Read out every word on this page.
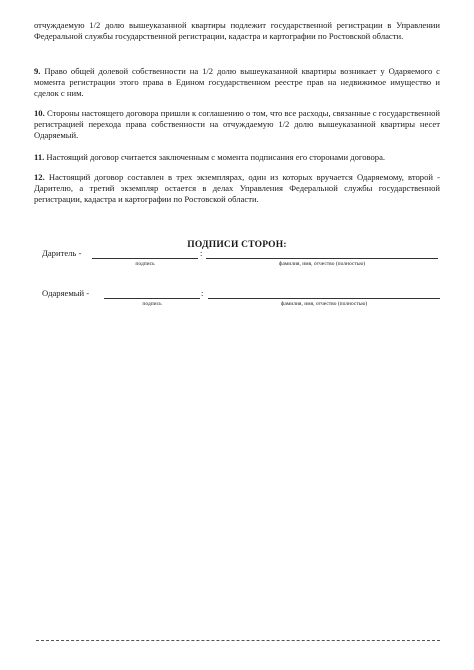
отчуждаемую 1/2 долю вышеуказанной квартиры подлежит государственной регистрации в Управлении Федеральной службы государственной регистрации, кадастра и картографии по Ростовской области.
9. Право общей долевой собственности на 1/2 долю вышеуказанной квартиры возникает у Одаряемого с момента регистрации этого права в Едином государственном реестре прав на недвижимое имущество и сделок с ним.
10. Стороны настоящего договора пришли к соглашению о том, что все расходы, связанные с государственной регистрацией перехода права собственности на отчуждаемую 1/2 долю вышеуказанной квартиры несет Одаряемый.
11. Настоящий договор считается заключенным с момента подписания его сторонами договора.
12. Настоящий договор составлен в трех экземплярах, один из которых вручается Одаряемому, второй - Дарителю, а третий экземпляр остается в делах Управления Федеральной службы государственной регистрации, кадастра и картографии по Ростовской области.
ПОДПИСИ СТОРОН:
Даритель -	:
подпись	фамилия, имя, отчество (полностью)
Одаряемый -	:
подпись	фамилия, имя, отчество (полностью)
